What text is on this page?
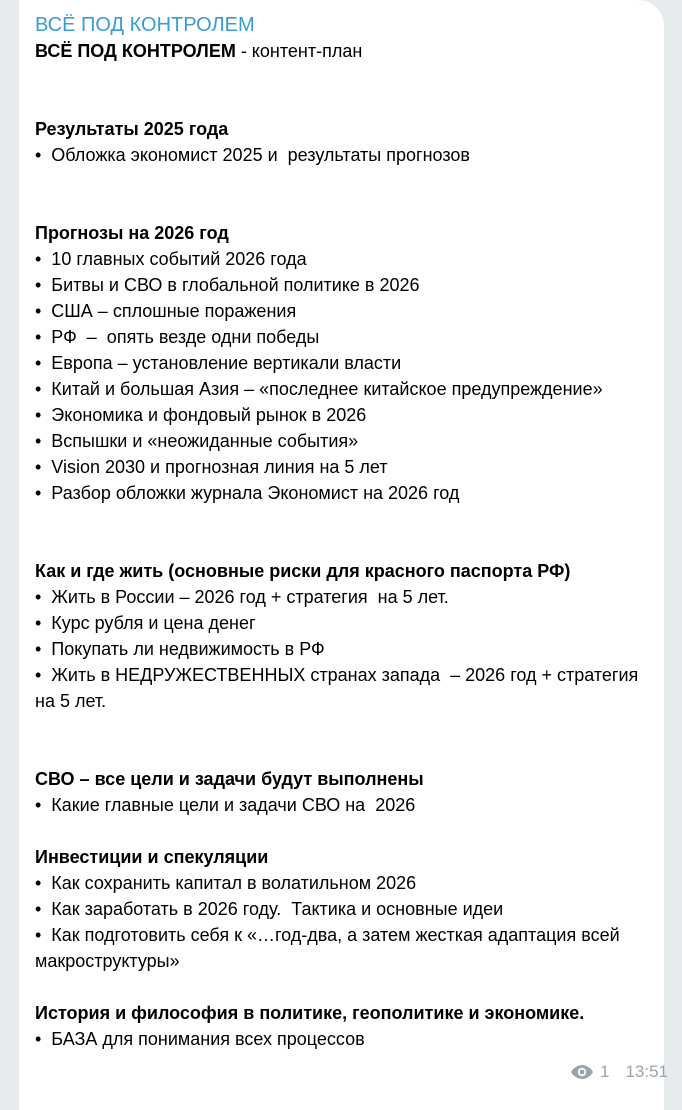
ВСЁ ПОД КОНТРОЛЕМ
ВСЁ ПОД КОНТРОЛЕМ - контент-план
Результаты 2025 года
•  Обложка экономист 2025 и  результаты прогнозов
Прогнозы на 2026 год
•  10 главных событий 2026 года
•  Битвы и СВО в глобальной политике в 2026
•  США – сплошные поражения
•  РФ  –  опять везде одни победы
•  Европа – установление вертикали власти
•  Китай и большая Азия – «последнее китайское предупреждение»
•  Экономика и фондовый рынок в 2026
•  Вспышки и «неожиданные события»
•  Vision 2030 и прогнозная линия на 5 лет
•  Разбор обложки журнала Экономист на 2026 год
Как и где жить (основные риски для красного паспорта РФ)
•  Жить в России – 2026 год + стратегия  на 5 лет.
•  Курс рубля и цена денег
•  Покупать ли недвижимость в РФ
•  Жить в НЕДРУЖЕСТВЕННЫХ странах запада  – 2026 год + стратегия на 5 лет.
СВО – все цели и задачи будут выполнены
•  Какие главные цели и задачи СВО на  2026
Инвестиции и спекуляции
•  Как сохранить капитал в волатильном 2026
•  Как заработать в 2026 году.  Тактика и основные идеи
•  Как подготовить себя к «…год-два, а затем жесткая адаптация всей макроструктуры»
История и философия в политике, геополитике и экономике.
•  БАЗА для понимания всех процессов
1 13:51
